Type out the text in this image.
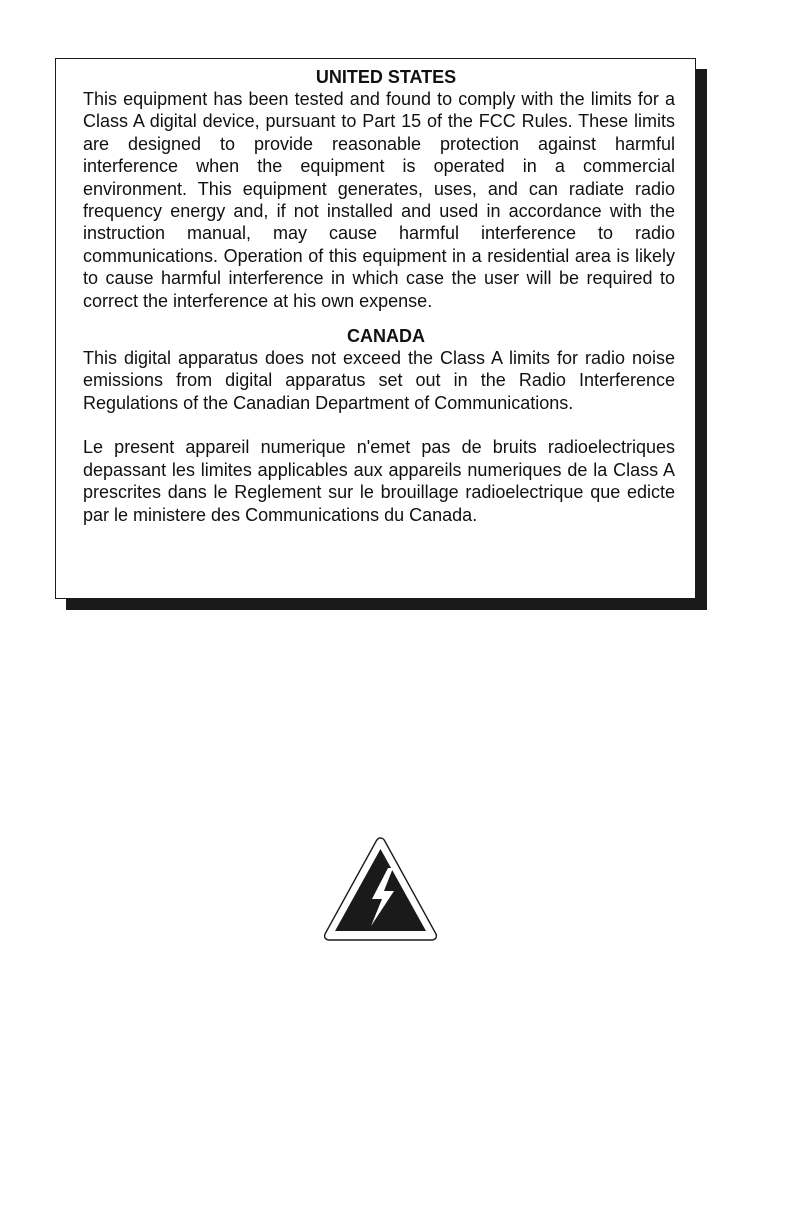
UNITED STATES

This equipment has been tested and found to comply with the limits for a Class A digital device, pursuant to Part 15 of the FCC Rules. These limits are designed to provide reasonable protection against harmful interference when the equipment is operated in a commercial environment. This equipment generates, uses, and can radiate radio frequency energy and, if not installed and used in accordance with the instruction manual, may cause harmful interference to radio communications. Operation of this equipment in a residential area is likely to cause harmful interference in which case the user will be required to correct the interference at his own expense.

CANADA

This digital apparatus does not exceed the Class A limits for radio noise emissions from digital apparatus set out in the Radio Interference Regulations of the Canadian Department of Communications.

Le present appareil numerique n'emet pas de bruits radioelectriques depassant les limites applicables aux appareils numeriques de la Class A prescrites dans le Reglement sur le brouillage radioelectrique que edicte par le ministere des Communications du Canada.
